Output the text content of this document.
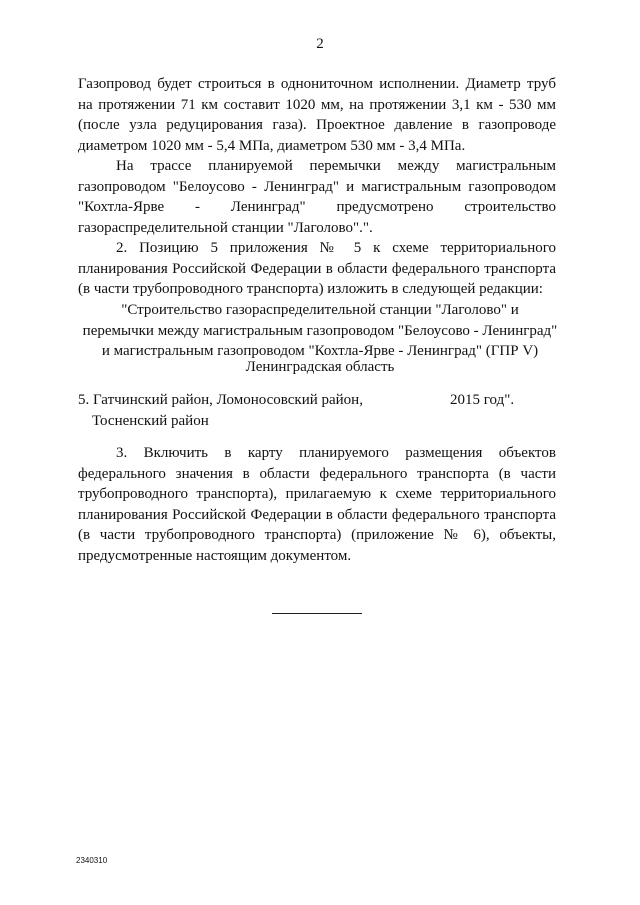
2

Газопровод будет строиться в однониточном исполнении. Диаметр труб
на протяжении 71 км составит 1020 мм, на протяжении 3,1 км - 530 мм
(после узла редуцирования газа). Проектное давление в газопроводе
диаметром 1020 мм - 5,4 МПа, диаметром 530 мм - 3,4 МПа.

На трассе планируемой перемычки между магистральным
газопроводом "Белоусово - Ленинград" и магистральным газопроводом
"Кохтла-Ярве - Ленинград" предусмотрено строительство
газораспределительной станции "Лаголово".".

2. Позицию 5 приложения № 5 к схеме территориального
планирования Российской Федерации в области федерального транспорта
(в части трубопроводного транспорта) изложить в следующей редакции:

"Строительство газораспределительной станции "Лаголово" и
перемычки между магистральным газопроводом "Белоусово - Ленинград"
и магистральным газопроводом "Кохтла-Ярве - Ленинград" (ГПР V)
Ленинградская область
5. Гатчинский район, Ломоносовский район,
Тосненский район
2015 год".

3. Включить в карту планируемого размещения объектов
федерального значения в области федерального транспорта (в части
трубопроводного транспорта), прилагаемую к схеме территориального
планирования Российской Федерации в области федерального транспорта
(в части трубопроводного транспорта) (приложение № 6), объекты,
предусмотренные настоящим документом.

2340310
